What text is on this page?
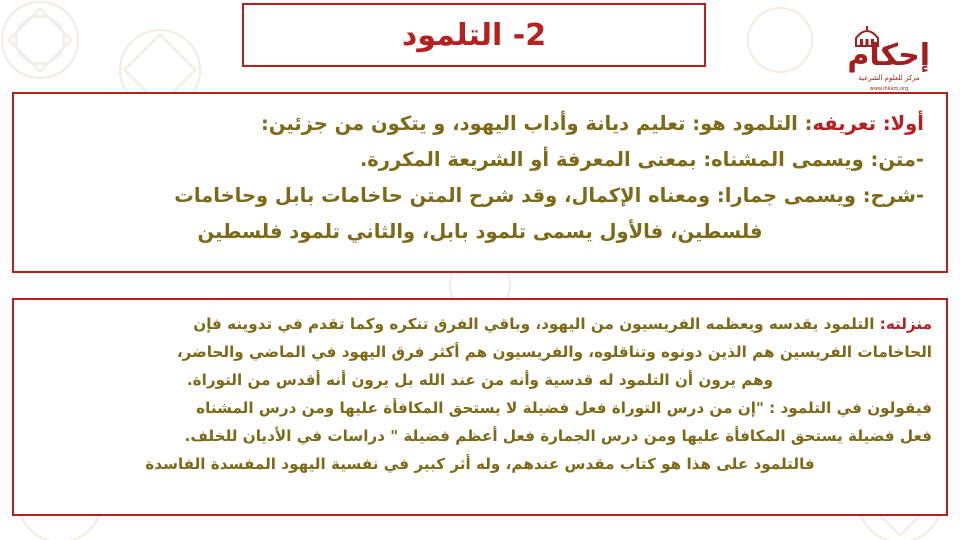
2- التلمود
إحكام
مركز للعلوم الشرعية
www.ihkam.org
أولا: تعريفه: التلمود هو: تعليم ديانة وأداب اليهود، و يتكون من جزئين:
-متن: ويسمى المشناه: بمعنى المعرفة أو الشريعة المكررة.
-شرح: ويسمى جمارا: ومعناه الإكمال، وقد شرح المتن حاخامات بابل وحاخامات
فلسطين، فالأول يسمى تلمود بابل، والثاني تلمود فلسطين
منزلته: التلمود يقدسه ويعظمه الفريسيون من اليهود، وباقي الفرق تنكره وكما تقدم في تدوينه فإن
الحاخامات الفريسين هم الذين دونوه وتناقلوه، والفريسيون هم أكثر فرق اليهود في الماضي والحاضر،
وهم يرون أن التلمود له قدسية وأنه من عند الله بل يرون أنه أقدس من التوراة.
فيقولون في التلمود : "إن من درس التوراة فعل فضيلة لا يستحق المكافأة عليها ومن درس المشناه
فعل فضيلة يستحق المكافأة عليها ومن درس الجمارة فعل أعظم فضيلة " دراسات في الأديان للخلف.
فالتلمود على هذا هو كتاب مقدس عندهم، وله أثر كبير في نفسية اليهود المفسدة الفاسدة
